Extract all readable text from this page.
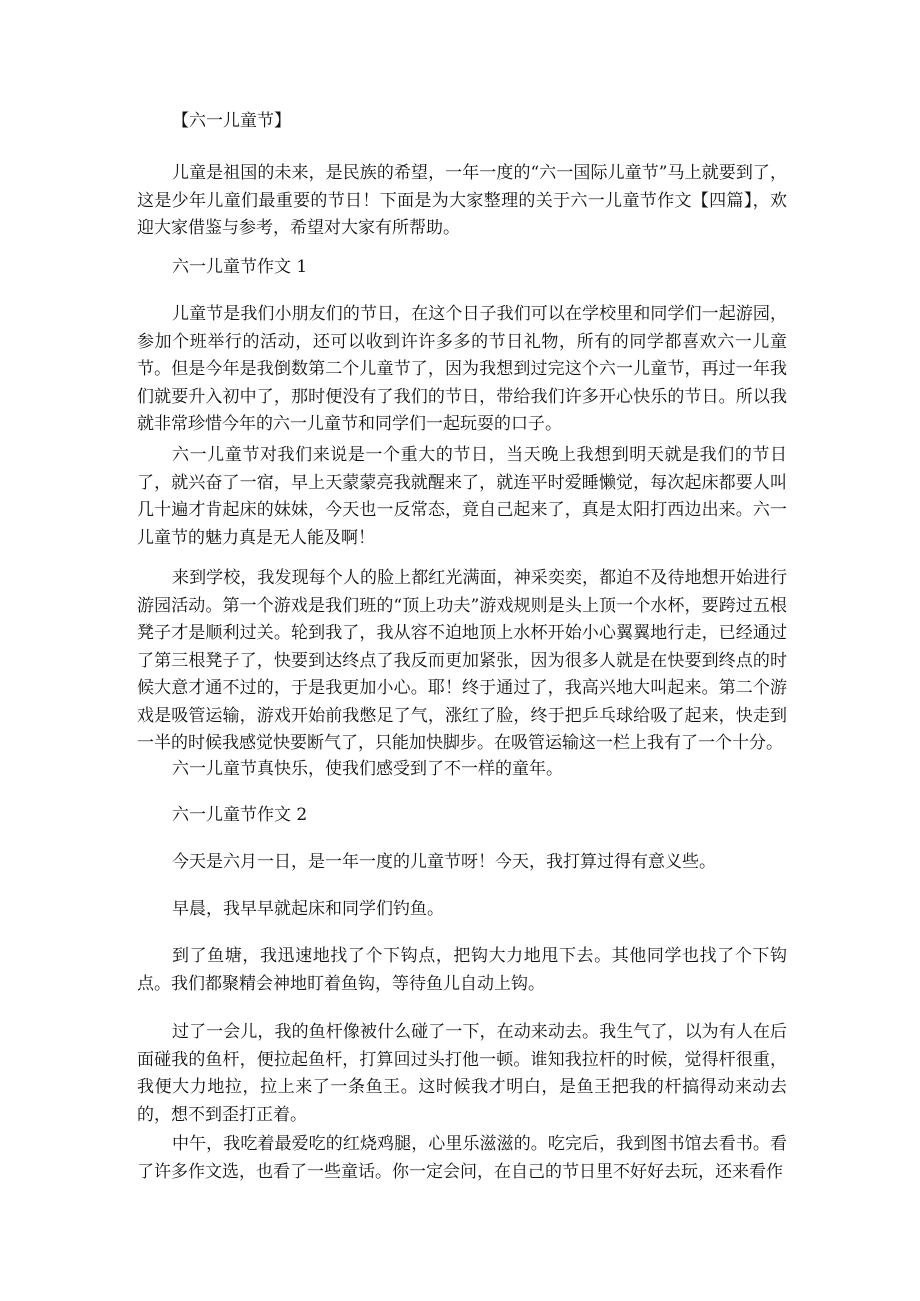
【六一儿童节】

儿童是祖国的未来，是民族的希望，一年一度的“六一国际儿童节”马上就要到了，这是少年儿童们最重要的节日！下面是为大家整理的关于六一儿童节作文【四篇】，欢迎大家借鉴与参考，希望对大家有所帮助。

六一儿童节作文 1

儿童节是我们小朋友们的节日，在这个日子我们可以在学校里和同学们一起游园，参加个班举行的活动，还可以收到许许多多的节日礼物，所有的同学都喜欢六一儿童节。但是今年是我倒数第二个儿童节了，因为我想到过完这个六一儿童节，再过一年我们就要升入初中了，那时便没有了我们的节日，带给我们许多开心快乐的节日。所以我就非常珍惜今年的六一儿童节和同学们一起玩耍的口子。

六一儿童节对我们来说是一个重大的节日，当天晚上我想到明天就是我们的节日了，就兴奋了一宿，早上天蒙蒙亮我就醒来了，就连平时爱睡懒觉，每次起床都要人叫几十遍才肯起床的妹妹，今天也一反常态，竟自己起来了，真是太阳打西边出来。六一儿童节的魅力真是无人能及啊！

来到学校，我发现每个人的脸上都红光满面，神采奕奕，都迫不及待地想开始进行游园活动。第一个游戏是我们班的“顶上功夫”游戏规则是头上顶一个水杯，要跨过五根凳子才是顺利过关。轮到我了，我从容不迫地顶上水杯开始小心翼翼地行走，已经通过了第三根凳子了，快要到达终点了我反而更加紧张，因为很多人就是在快要到终点的时候大意才通不过的，于是我更加小心。耶！终于通过了，我高兴地大叫起来。第二个游戏是吸管运输，游戏开始前我憋足了气，涨红了脸，终于把乒乓球给吸了起来，快走到一半的时候我感觉快要断气了，只能加快脚步。在吸管运输这一栏上我有了一个十分。

六一儿童节真快乐，使我们感受到了不一样的童年。

六一儿童节作文 2

今天是六月一日，是一年一度的儿童节呀！今天，我打算过得有意义些。

早晨，我早早就起床和同学们钓鱼。

到了鱼塘，我迅速地找了个下钩点，把钩大力地甩下去。其他同学也找了个下钩点。我们都聚精会神地盯着鱼钩，等待鱼儿自动上钩。

过了一会儿，我的鱼杆像被什么碰了一下，在动来动去。我生气了，以为有人在后面碰我的鱼杆，便拉起鱼杆，打算回过头打他一顿。谁知我拉杆的时候，觉得杆很重，我便大力地拉，拉上来了一条鱼王。这时候我才明白，是鱼王把我的杆搞得动来动去的，想不到歪打正着。

中午，我吃着最爱吃的红烧鸡腿，心里乐滋滋的。吃完后，我到图书馆去看书。看了许多作文选，也看了一些童话。你一定会问，在自己的节日里不好好去玩，还来看作
